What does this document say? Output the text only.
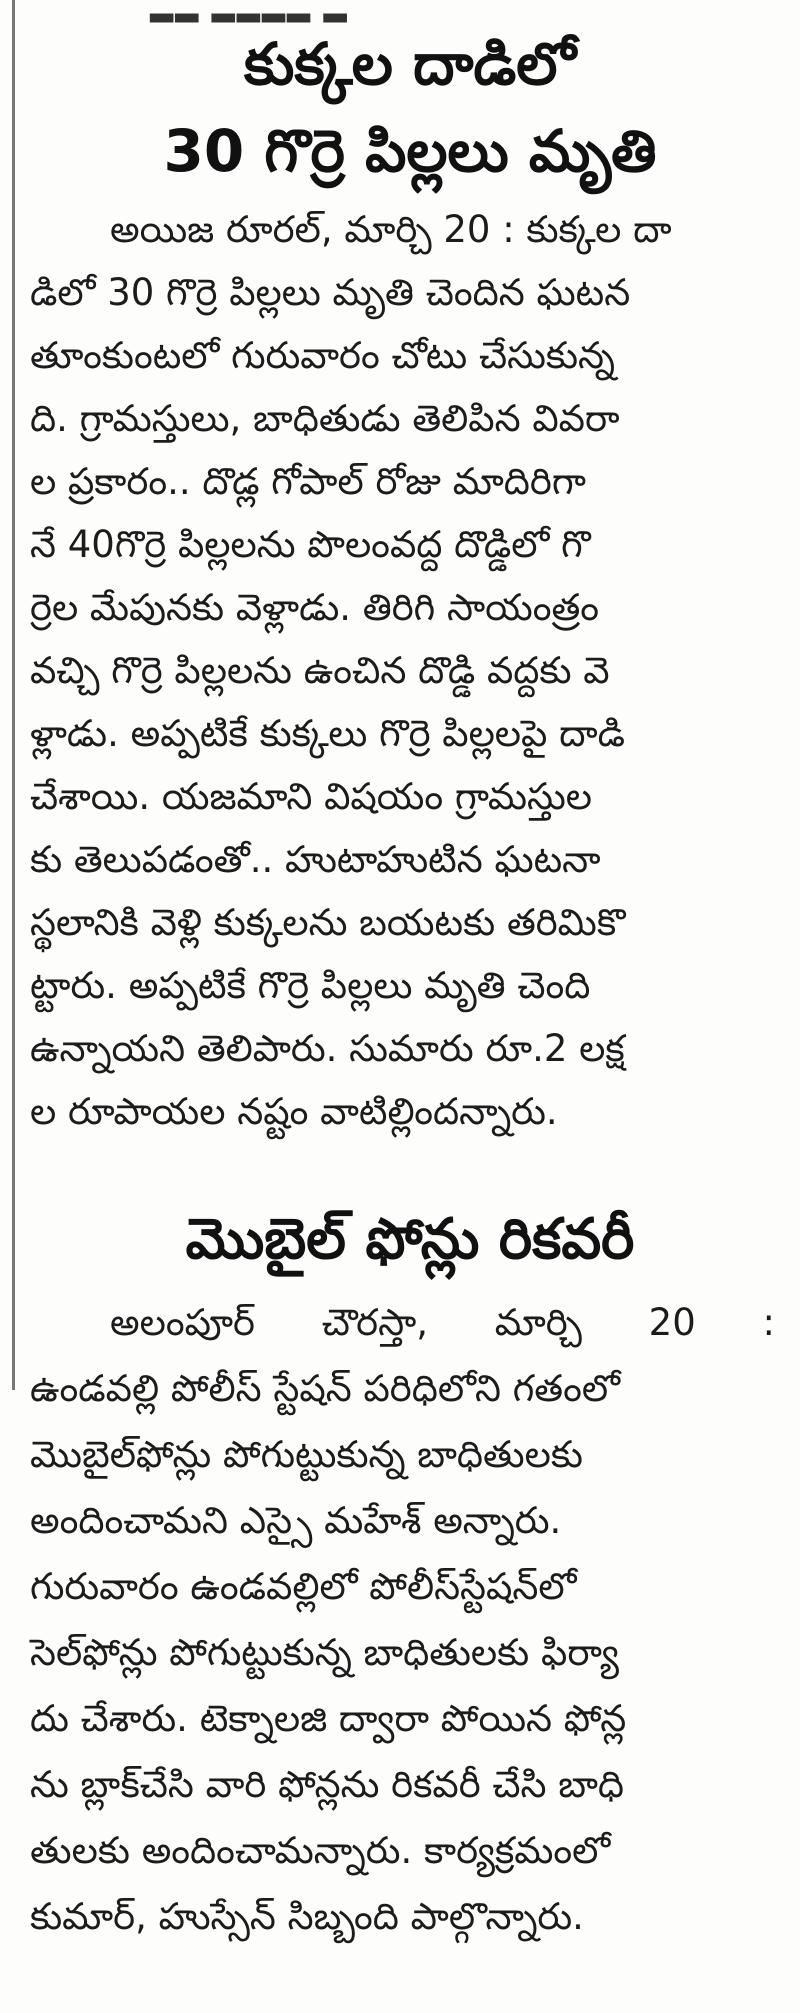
▂▂ ▂▂▂▂ ▂
కుక్కల దాడిలో
30 గొర్రె పిల్లలు మృతి
అయిజ రూరల్, మార్చి 20 : కుక్కల దా
డిలో 30 గొర్రె పిల్లలు మృతి చెందిన ఘటన
తూంకుంటలో గురువారం చోటు చేసుకున్న
ది. గ్రామస్తులు, బాధితుడు తెలిపిన వివరా
ల ప్రకారం.. దొడ్ల గోపాల్ రోజు మాదిరిగా
నే 40గొర్రె పిల్లలను పొలంవద్ద దొడ్డిలో గొ
ర్రెల మేపునకు వెళ్లాడు. తిరిగి సాయంత్రం
వచ్చి గొర్రె పిల్లలను ఉంచిన దొడ్డి వద్దకు వె
ళ్లాడు. అప్పటికే కుక్కలు గొర్రె పిల్లలపై దాడి
చేశాయి. యజమాని విషయం గ్రామస్తుల
కు తెలుపడంతో.. హుటాహుటిన ఘటనా
స్థలానికి వెళ్లి కుక్కలను బయటకు తరిమికొ
ట్టారు. అప్పటికే గొర్రె పిల్లలు మృతి చెంది
ఉన్నాయని తెలిపారు. సుమారు రూ.2 లక్ష
ల రూపాయల నష్టం వాటిల్లిందన్నారు.
మొబైల్ ఫోన్లు రికవరీ
అలంపూర్ చౌరస్తా, మార్చి 20 :
ఉండవల్లి పోలీస్ స్టేషన్ పరిధిలోని గతంలో
మొబైల్‌ఫోన్లు పోగుట్టుకున్న బాధితులకు
అందించామని ఎస్సై మహేశ్ అన్నారు.
గురువారం ఉండవల్లిలో పోలీస్‌స్టేషన్‌లో
సెల్‌ఫోన్లు పోగుట్టుకున్న బాధితులకు ఫిర్యా
దు చేశారు. టెక్నాలజి ద్వారా పోయిన ఫోన్ల
ను బ్లాక్‌చేసి వారి ఫోన్లను రికవరీ చేసి బాధి
తులకు అందించామన్నారు. కార్యక్రమంలో
కుమార్, హుస్సేన్ సిబ్బంది పాల్గొన్నారు.
